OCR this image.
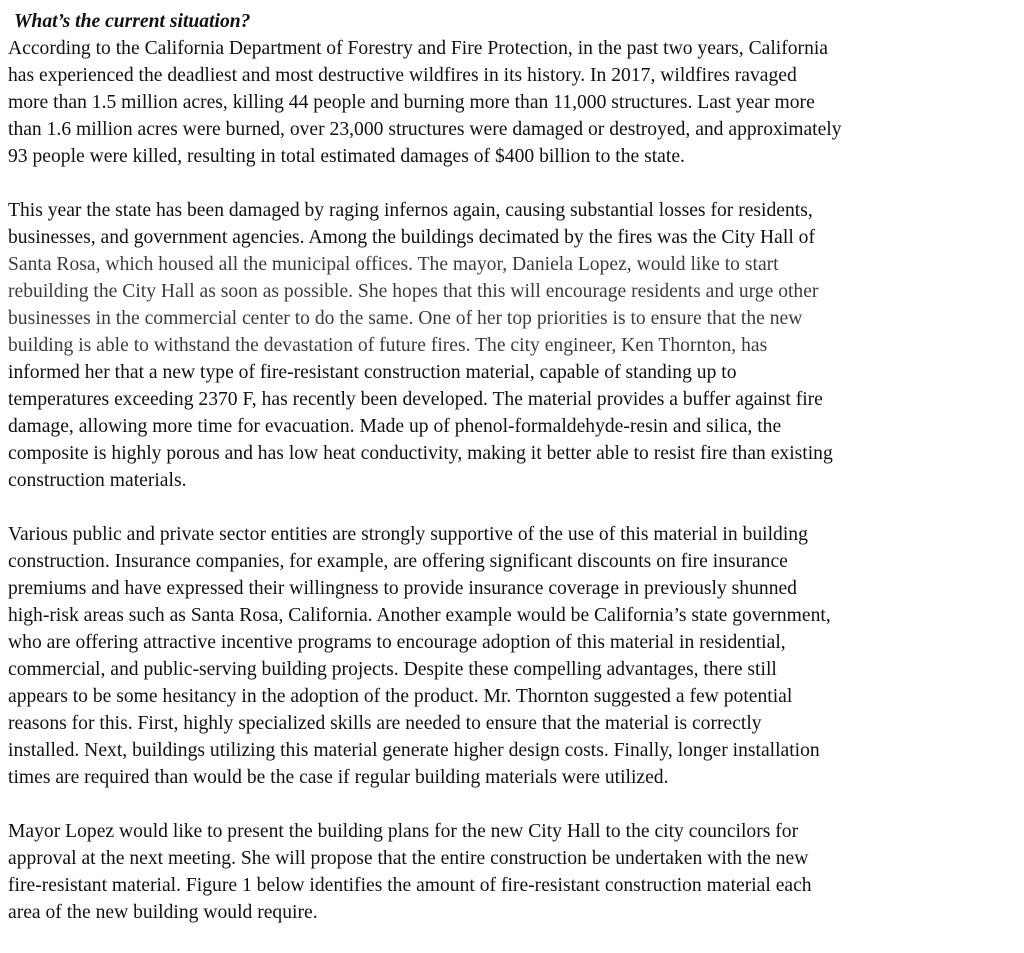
What’s the current situation?
According to the California Department of Forestry and Fire Protection, in the past two years, California
has experienced the deadliest and most destructive wildfires in its history. In 2017, wildfires ravaged
more than 1.5 million acres, killing 44 people and burning more than 11,000 structures. Last year more
than 1.6 million acres were burned, over 23,000 structures were damaged or destroyed, and approximately
93 people were killed, resulting in total estimated damages of $400 billion to the state.
This year the state has been damaged by raging infernos again, causing substantial losses for residents,
businesses, and government agencies. Among the buildings decimated by the fires was the City Hall of
Santa Rosa, which housed all the municipal offices. The mayor, Daniela Lopez, would like to start
rebuilding the City Hall as soon as possible. She hopes that this will encourage residents and urge other
businesses in the commercial center to do the same. One of her top priorities is to ensure that the new
building is able to withstand the devastation of future fires. The city engineer, Ken Thornton, has
informed her that a new type of fire-resistant construction material, capable of standing up to
temperatures exceeding 2370 F, has recently been developed. The material provides a buffer against fire
damage, allowing more time for evacuation. Made up of phenol-formaldehyde-resin and silica, the
composite is highly porous and has low heat conductivity, making it better able to resist fire than existing
construction materials.
Various public and private sector entities are strongly supportive of the use of this material in building
construction. Insurance companies, for example, are offering significant discounts on fire insurance
premiums and have expressed their willingness to provide insurance coverage in previously shunned
high-risk areas such as Santa Rosa, California. Another example would be California’s state government,
who are offering attractive incentive programs to encourage adoption of this material in residential,
commercial, and public-serving building projects. Despite these compelling advantages, there still
appears to be some hesitancy in the adoption of the product. Mr. Thornton suggested a few potential
reasons for this. First, highly specialized skills are needed to ensure that the material is correctly
installed. Next, buildings utilizing this material generate higher design costs. Finally, longer installation
times are required than would be the case if regular building materials were utilized.
Mayor Lopez would like to present the building plans for the new City Hall to the city councilors for
approval at the next meeting. She will propose that the entire construction be undertaken with the new
fire-resistant material. Figure 1 below identifies the amount of fire-resistant construction material each
area of the new building would require.
